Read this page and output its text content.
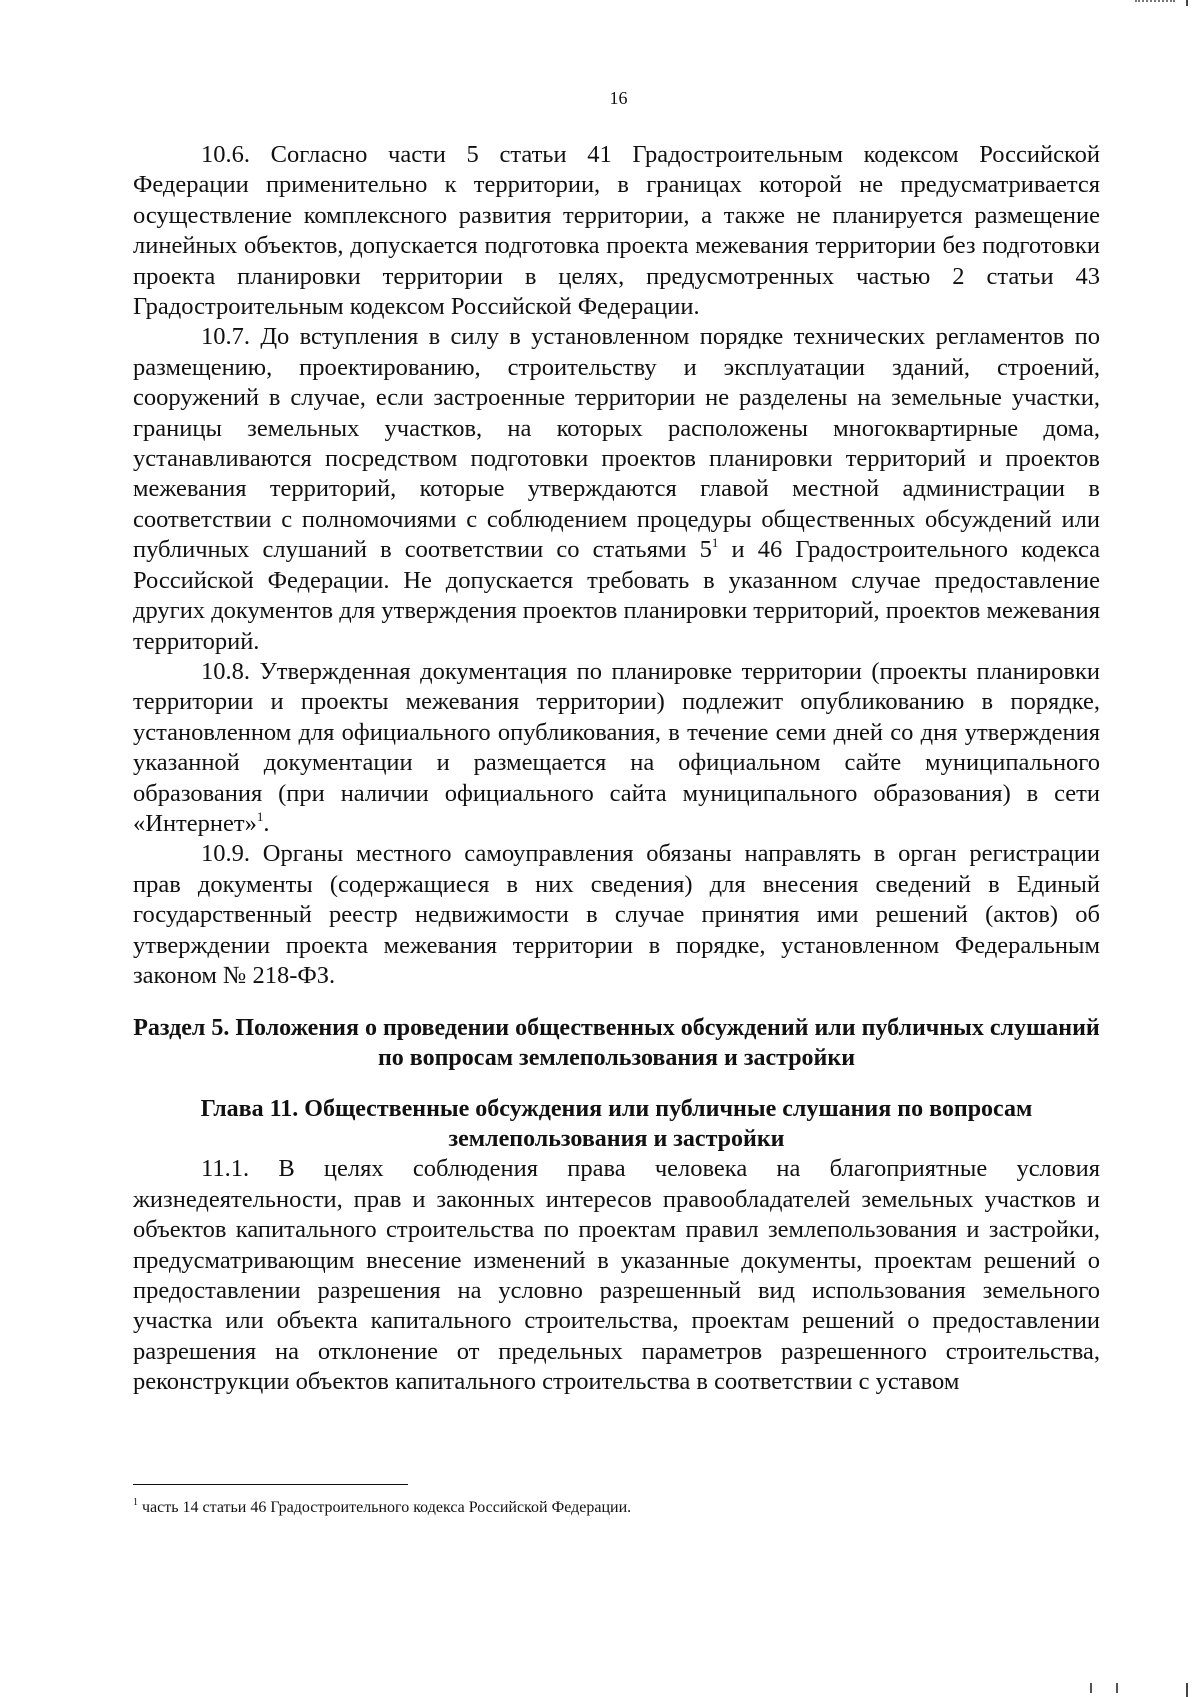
16

10.6. Согласно части 5 статьи 41 Градостроительным кодексом Российской Федерации применительно к территории, в границах которой не предусматривается осуществление комплексного развития территории, а также не планируется размещение линейных объектов, допускается подготовка проекта межевания территории без подготовки проекта планировки территории в целях, предусмотренных частью 2 статьи 43 Градостроительным кодексом Российской Федерации.

10.7. До вступления в силу в установленном порядке технических регламентов по размещению, проектированию, строительству и эксплуатации зданий, строений, сооружений в случае, если застроенные территории не разделены на земельные участки, границы земельных участков, на которых расположены многоквартирные дома, устанавливаются посредством подготовки проектов планировки территорий и проектов межевания территорий, которые утверждаются главой местной администрации в соответствии с полномочиями с соблюдением процедуры общественных обсуждений или публичных слушаний в соответствии со статьями $5^1$ и 46 Градостроительного кодекса Российской Федерации. Не допускается требовать в указанном случае предоставление других документов для утверждения проектов планировки территорий, проектов межевания территорий.

10.8. Утвержденная документация по планировке территории (проекты планировки территории и проекты межевания территории) подлежит опубликованию в порядке, установленном для официального опубликования, в течение семи дней со дня утверждения указанной документации и размещается на официальном сайте муниципального образования (при наличии официального сайта муниципального образования) в сети «Интернет»$^1$.

10.9. Органы местного самоуправления обязаны направлять в орган регистрации прав документы (содержащиеся в них сведения) для внесения сведений в Единый государственный реестр недвижимости в случае принятия ими решений (актов) об утверждении проекта межевания территории в порядке, установленном Федеральным законом № 218-ФЗ.

Раздел 5. Положения о проведении общественных обсуждений или публичных слушаний по вопросам землепользования и застройки
Глава 11. Общественные обсуждения или публичные слушания по вопросам землепользования и застройки

11.1. В целях соблюдения права человека на благоприятные условия жизнедеятельности, прав и законных интересов правообладателей земельных участков и объектов капитального строительства по проектам правил землепользования и застройки, предусматривающим внесение изменений в указанные документы, проектам решений о предоставлении разрешения на условно разрешенный вид использования земельного участка или объекта капитального строительства, проектам решений о предоставлении разрешения на отклонение от предельных параметров разрешенного строительства, реконструкции объектов капитального строительства в соответствии с уставом

$^1$ часть 14 статьи 46 Градостроительного кодекса Российской Федерации.
